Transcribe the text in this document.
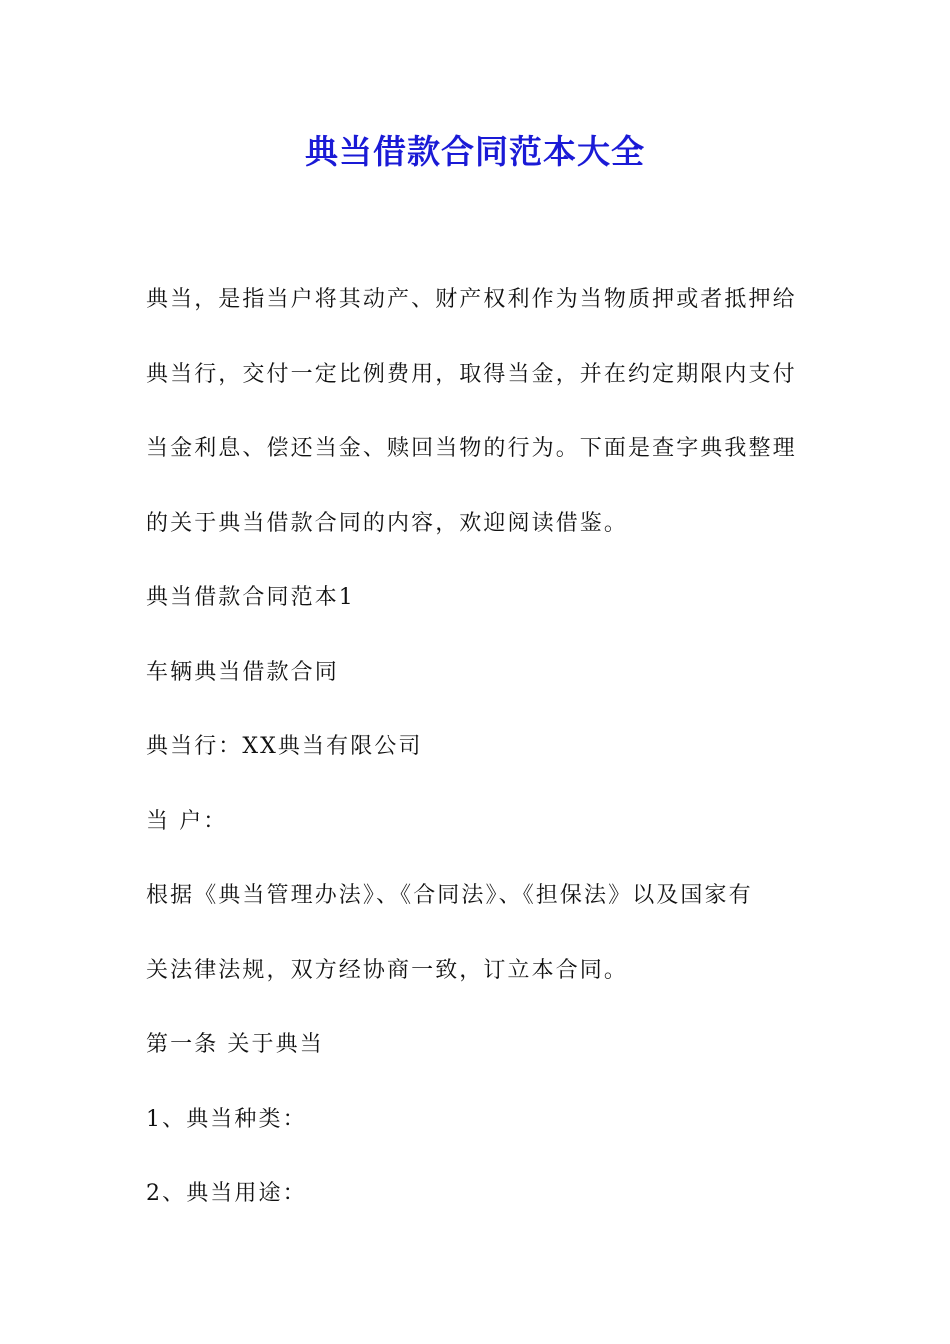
典当借款合同范本大全

典当，是指当户将其动产、财产权利作为当物质押或者抵押给

典当行，交付一定比例费用，取得当金，并在约定期限内支付

当金利息、偿还当金、赎回当物的行为。下面是查字典我整理

的关于典当借款合同的内容，欢迎阅读借鉴。

典当借款合同范本1

车辆典当借款合同

典当行：XX典当有限公司

当 户：

根据《典当管理办法》、《合同法》、《担保法》以及国家有

关法律法规，双方经协商一致，订立本合同。

第一条 关于典当

1、典当种类：

2、典当用途：
